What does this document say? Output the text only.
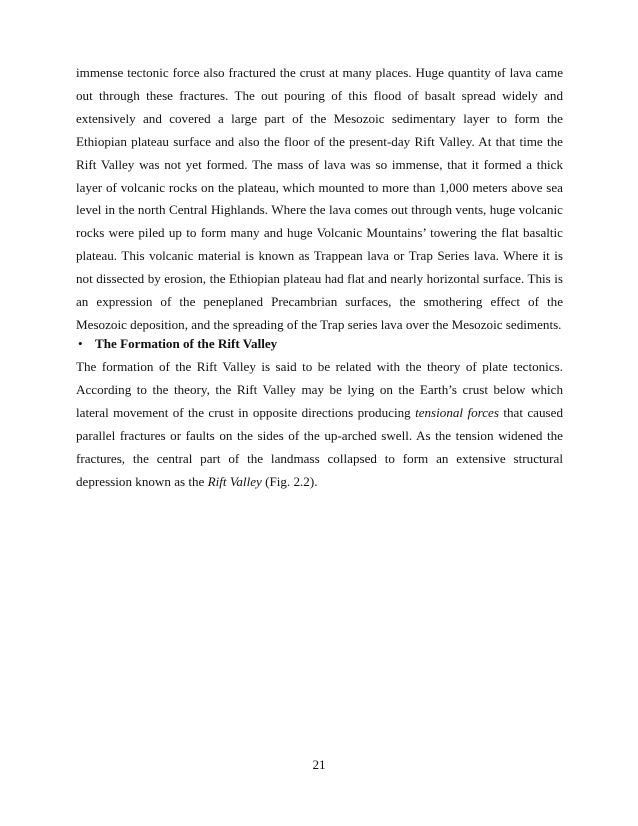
immense tectonic force also fractured the crust at many places. Huge quantity of lava came out through these fractures. The out pouring of this flood of basalt spread widely and extensively and covered a large part of the Mesozoic sedimentary layer to form the Ethiopian plateau surface and also the floor of the present-day Rift Valley. At that time the Rift Valley was not yet formed. The mass of lava was so immense, that it formed a thick layer of volcanic rocks on the plateau, which mounted to more than 1,000 meters above sea level in the north Central Highlands. Where the lava comes out through vents, huge volcanic rocks were piled up to form many and huge Volcanic Mountains’ towering the flat basaltic plateau. This volcanic material is known as Trappean lava or Trap Series lava. Where it is not dissected by erosion, the Ethiopian plateau had flat and nearly horizontal surface. This is an expression of the peneplaned Precambrian surfaces, the smothering effect of the Mesozoic deposition, and the spreading of the Trap series lava over the Mesozoic sediments.

• The Formation of the Rift Valley

The formation of the Rift Valley is said to be related with the theory of plate tectonics. According to the theory, the Rift Valley may be lying on the Earth’s crust below which lateral movement of the crust in opposite directions producing tensional forces that caused parallel fractures or faults on the sides of the up-arched swell. As the tension widened the fractures, the central part of the landmass collapsed to form an extensive structural depression known as the Rift Valley (Fig. 2.2).

21
